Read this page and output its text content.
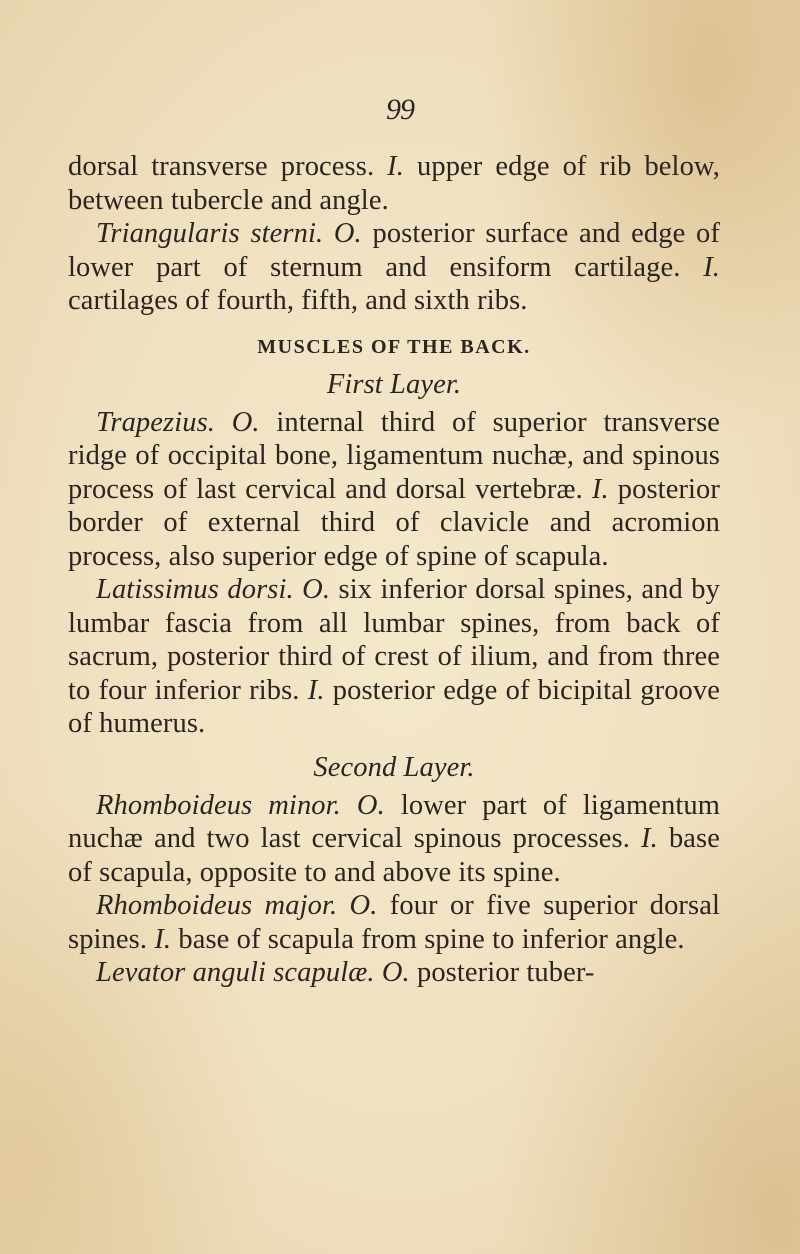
99

dorsal transverse process. I. upper edge of rib below, between tubercle and angle.

Triangularis sterni. O. posterior surface and edge of lower part of sternum and ensiform cartilage. I. cartilages of fourth, fifth, and sixth ribs.

MUSCLES OF THE BACK.
First Layer.

Trapezius. O. internal third of superior transverse ridge of occipital bone, ligamentum nuchæ, and spinous process of last cervical and dorsal vertebræ. I. posterior border of external third of clavicle and acromion process, also superior edge of spine of scapula.

Latissimus dorsi. O. six inferior dorsal spines, and by lumbar fascia from all lumbar spines, from back of sacrum, posterior third of crest of ilium, and from three to four inferior ribs. I. posterior edge of bicipital groove of humerus.

Second Layer.

Rhomboideus minor. O. lower part of ligamentum nuchæ and two last cervical spinous processes. I. base of scapula, opposite to and above its spine.

Rhomboideus major. O. four or five superior dorsal spines. I. base of scapula from spine to inferior angle.

Levator anguli scapulæ. O. posterior tuber-
